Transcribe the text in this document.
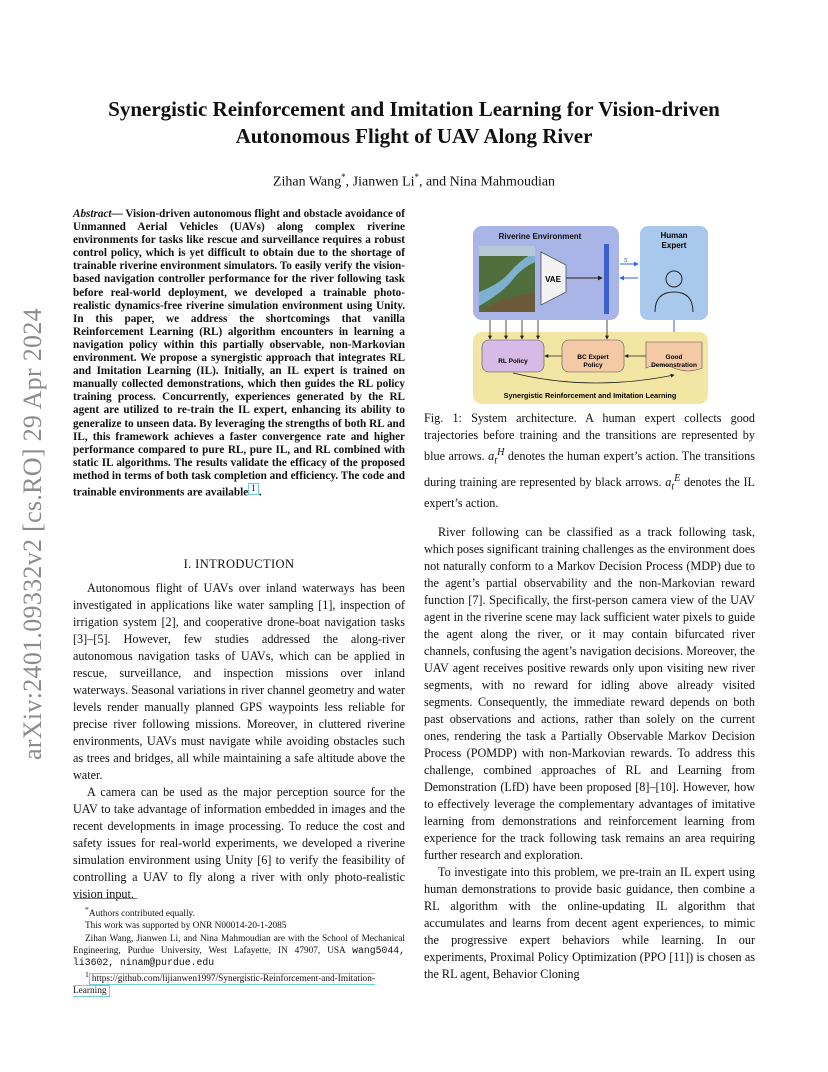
arXiv:2401.09332v2 [cs.RO] 29 Apr 2024
Synergistic Reinforcement and Imitation Learning for Vision-driven
Autonomous Flight of UAV Along River
Zihan Wang*, Jianwen Li*, and Nina Mahmoudian
Abstract— Vision-driven autonomous flight and obstacle avoidance of Unmanned Aerial Vehicles (UAVs) along complex riverine environments for tasks like rescue and surveillance requires a robust control policy, which is yet difficult to obtain due to the shortage of trainable riverine environment simulators. To easily verify the vision-based navigation controller performance for the river following task before real-world deployment, we developed a trainable photo-realistic dynamics-free riverine simulation environment using Unity. In this paper, we address the shortcomings that vanilla Reinforcement Learning (RL) algorithm encounters in learning a navigation policy within this partially observable, non-Markovian environment. We propose a synergistic approach that integrates RL and Imitation Learning (IL). Initially, an IL expert is trained on manually collected demonstrations, which then guides the RL policy training process. Concurrently, experiences generated by the RL agent are utilized to re-train the IL expert, enhancing its ability to generalize to unseen data. By leveraging the strengths of both RL and IL, this framework achieves a faster convergence rate and higher performance compared to pure RL, pure IL, and RL combined with static IL algorithms. The results validate the efficacy of the proposed method in terms of both task completion and efficiency. The code and trainable environments are available $^1$ .
I. INTRODUCTION

Autonomous flight of UAVs over inland waterways has been investigated in applications like water sampling [1], inspection of irrigation system [2], and cooperative drone-boat navigation tasks [3]–[5]. However, few studies addressed the along-river autonomous navigation tasks of UAVs, which can be applied in rescue, surveillance, and inspection missions over inland waterways. Seasonal variations in river channel geometry and water levels render manually planned GPS waypoints less reliable for precise river following missions. Moreover, in cluttered riverine environments, UAVs must navigate while avoiding obstacles such as trees and bridges, all while maintaining a safe altitude above the water.

A camera can be used as the major perception source for the UAV to take advantage of information embedded in images and the recent developments in image processing. To reduce the cost and safety issues for real-world experiments, we developed a riverine simulation environment using Unity [6] to verify the feasibility of controlling a UAV to fly along a river with only photo-realistic vision input.

*Authors contributed equally.

This work was supported by ONR N00014-20-1-2085

Zihan Wang, Jianwen Li, and Nina Mahmoudian are with the School of Mechanical Engineering, Purdue University, West Lafayette, IN 47907, USA wang5044, li3602, ninam@purdue.edu

$^1$ https://github.com/lijianwen1997/Synergistic-Reinforcement-and-Imitation-Learning

Riverine Environment
VAE
Human
Expert
s
RL Policy
BC Expert
Policy
Good
Demonstration
Synergistic Reinforcement and Imitation Learning
Fig. 1: System architecture. A human expert collects good trajectories before training and the transitions are represented by blue arrows. $a_t^H$ denotes the human expert’s action. The transitions during training are represented by black arrows. $a_t^E$ denotes the IL expert’s action.

River following can be classified as a track following task, which poses significant training challenges as the environment does not naturally conform to a Markov Decision Process (MDP) due to the agent’s partial observability and the non-Markovian reward function [7]. Specifically, the first-person camera view of the UAV agent in the riverine scene may lack sufficient water pixels to guide the agent along the river, or it may contain bifurcated river channels, confusing the agent’s navigation decisions. Moreover, the UAV agent receives positive rewards only upon visiting new river segments, with no reward for idling above already visited segments. Consequently, the immediate reward depends on both past observations and actions, rather than solely on the current ones, rendering the task a Partially Observable Markov Decision Process (POMDP) with non-Markovian rewards. To address this challenge, combined approaches of RL and Learning from Demonstration (LfD) have been proposed [8]–[10]. However, how to effectively leverage the complementary advantages of imitative learning from demonstrations and reinforcement learning from experience for the track following task remains an area requiring further research and exploration.

To investigate into this problem, we pre-train an IL expert using human demonstrations to provide basic guidance, then combine a RL algorithm with the online-updating IL algorithm that accumulates and learns from decent agent experiences, to mimic the progressive expert behaviors while learning. In our experiments, Proximal Policy Optimization (PPO [11]) is chosen as the RL agent, Behavior Cloning
